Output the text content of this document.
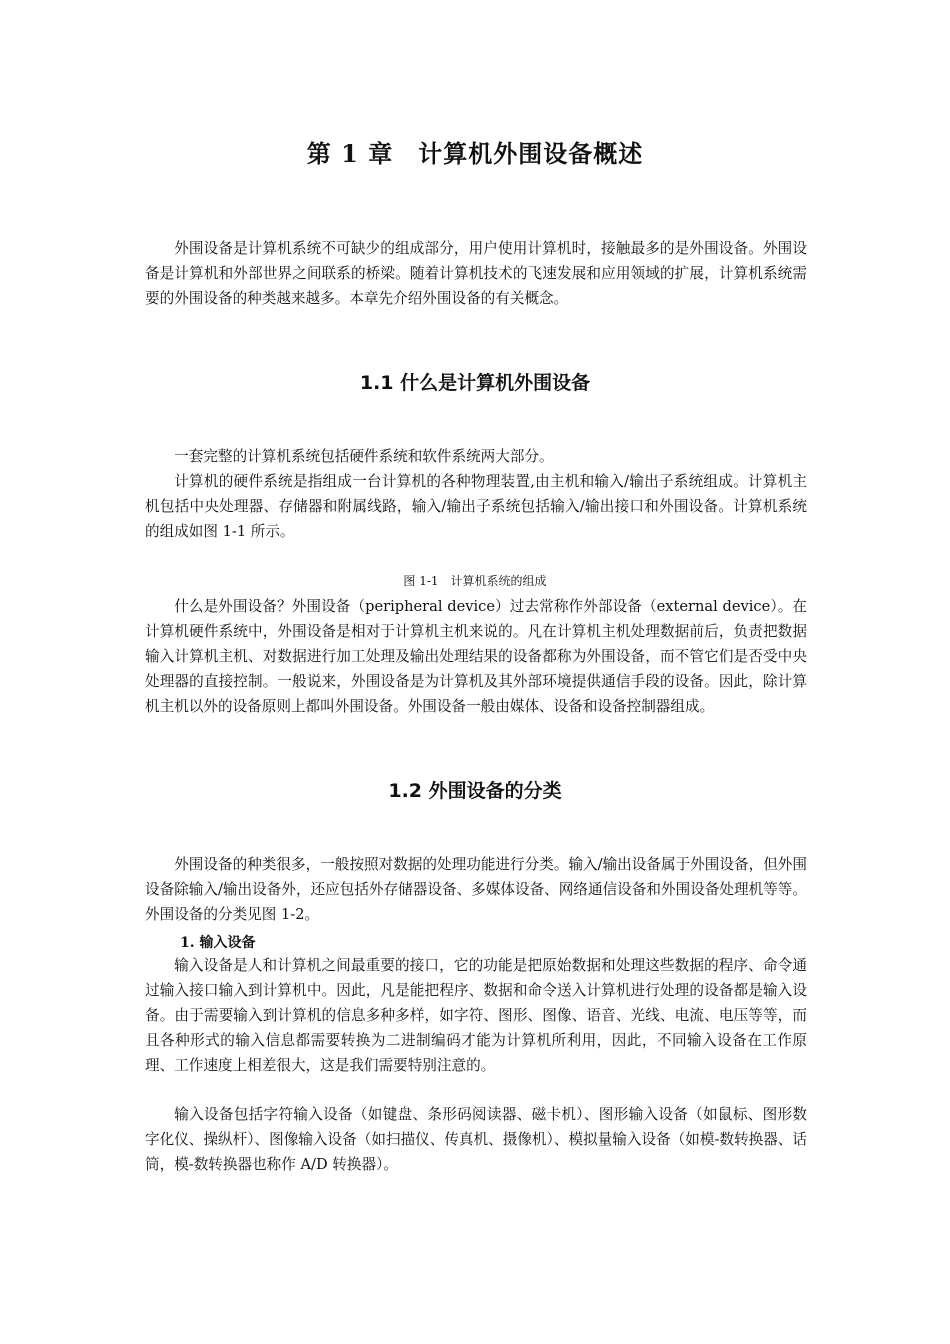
第 1 章　计算机外围设备概述

外围设备是计算机系统不可缺少的组成部分，用户使用计算机时，接触最多的是外围设备。外围设备是计算机和外部世界之间联系的桥梁。随着计算机技术的飞速发展和应用领域的扩展，计算机系统需要的外围设备的种类越来越多。本章先介绍外围设备的有关概念。

1.1 什么是计算机外围设备

一套完整的计算机系统包括硬件系统和软件系统两大部分。

计算机的硬件系统是指组成一台计算机的各种物理装置,由主机和输入/输出子系统组成。计算机主机包括中央处理器、存储器和附属线路，输入/输出子系统包括输入/输出接口和外围设备。计算机系统的组成如图 1-1 所示。

图 1-1　计算机系统的组成

什么是外围设备？外围设备（peripheral device）过去常称作外部设备（external device）。在计算机硬件系统中，外围设备是相对于计算机主机来说的。凡在计算机主机处理数据前后，负责把数据输入计算机主机、对数据进行加工处理及输出处理结果的设备都称为外围设备，而不管它们是否受中央处理器的直接控制。一般说来，外围设备是为计算机及其外部环境提供通信手段的设备。因此，除计算机主机以外的设备原则上都叫外围设备。外围设备一般由媒体、设备和设备控制器组成。

1.2 外围设备的分类

外围设备的种类很多，一般按照对数据的处理功能进行分类。输入/输出设备属于外围设备，但外围设备除输入/输出设备外，还应包括外存储器设备、多媒体设备、网络通信设备和外围设备处理机等等。外围设备的分类见图 1-2。

1. 输入设备

输入设备是人和计算机之间最重要的接口，它的功能是把原始数据和处理这些数据的程序、命令通过输入接口输入到计算机中。因此，凡是能把程序、数据和命令送入计算机进行处理的设备都是输入设备。由于需要输入到计算机的信息多种多样，如字符、图形、图像、语音、光线、电流、电压等等，而且各种形式的输入信息都需要转换为二进制编码才能为计算机所利用，因此，不同输入设备在工作原理、工作速度上相差很大，这是我们需要特别注意的。

输入设备包括字符输入设备（如键盘、条形码阅读器、磁卡机）、图形输入设备（如鼠标、图形数字化仪、操纵杆）、图像输入设备（如扫描仪、传真机、摄像机）、模拟量输入设备（如模-数转换器、话筒，模-数转换器也称作 A/D 转换器）。
